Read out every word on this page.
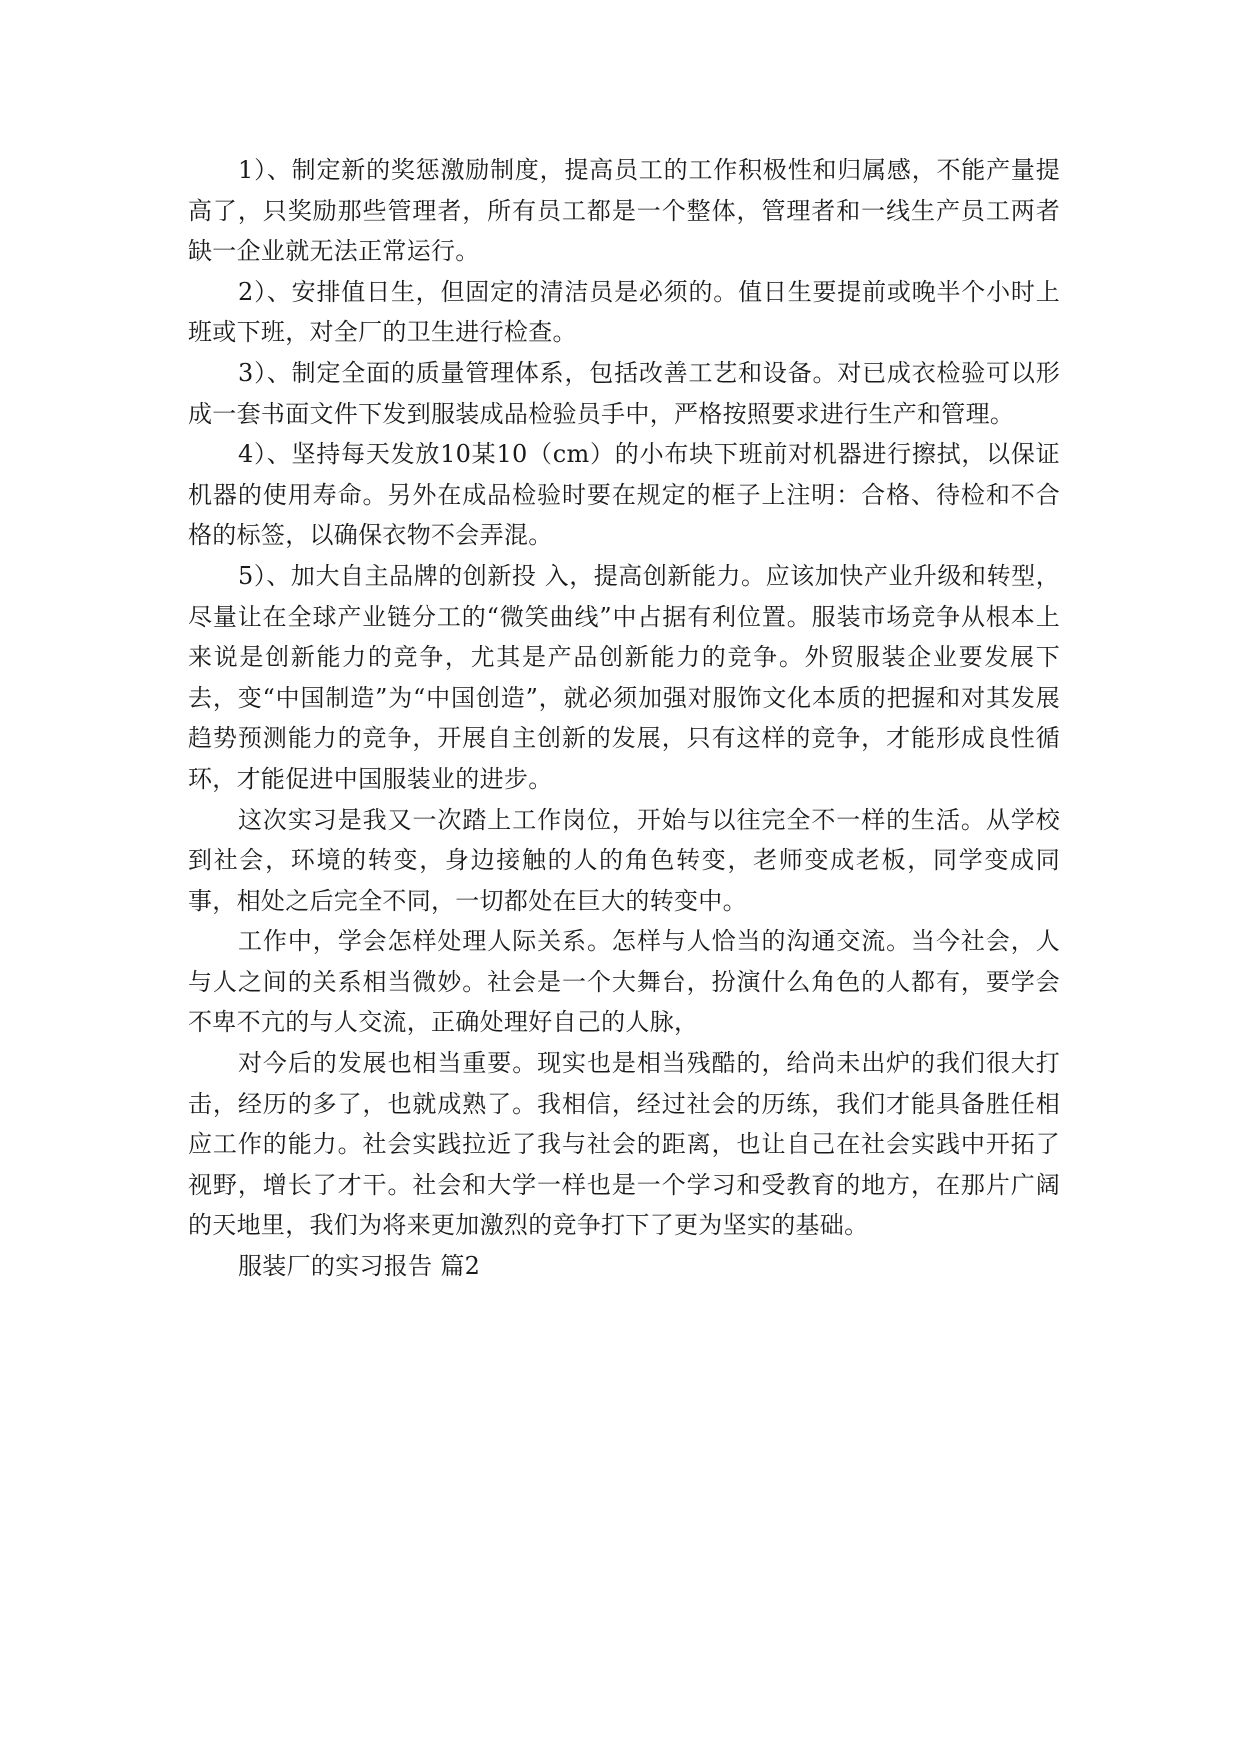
1）、制定新的奖惩激励制度，提高员工的工作积极性和归属感，不能产量提高了，只奖励那些管理者，所有员工都是一个整体，管理者和一线生产员工两者缺一企业就无法正常运行。

2）、安排值日生，但固定的清洁员是必须的。值日生要提前或晚半个小时上班或下班，对全厂的卫生进行检查。

3）、制定全面的质量管理体系，包括改善工艺和设备。对已成衣检验可以形成一套书面文件下发到服装成品检验员手中，严格按照要求进行生产和管理。

4）、坚持每天发放10某10（cm）的小布块下班前对机器进行擦拭，以保证机器的使用寿命。另外在成品检验时要在规定的框子上注明：合格、待检和不合格的标签，以确保衣物不会弄混。

5）、加大自主品牌的创新投 入，提高创新能力。应该加快产业升级和转型，尽量让在全球产业链分工的“微笑曲线”中占据有利位置。服装市场竞争从根本上来说是创新能力的竞争，尤其是产品创新能力的竞争。外贸服装企业要发展下去，变“中国制造”为“中国创造”，就必须加强对服饰文化本质的把握和对其发展趋势预测能力的竞争，开展自主创新的发展，只有这样的竞争，才能形成良性循环，才能促进中国服装业的进步。

这次实习是我又一次踏上工作岗位，开始与以往完全不一样的生活。从学校到社会，环境的转变，身边接触的人的角色转变，老师变成老板，同学变成同事，相处之后完全不同，一切都处在巨大的转变中。

工作中，学会怎样处理人际关系。怎样与人恰当的沟通交流。当今社会，人与人之间的关系相当微妙。社会是一个大舞台，扮演什么角色的人都有，要学会不卑不亢的与人交流，正确处理好自己的人脉，

对今后的发展也相当重要。现实也是相当残酷的，给尚未出炉的我们很大打击，经历的多了，也就成熟了。我相信，经过社会的历练，我们才能具备胜任相应工作的能力。社会实践拉近了我与社会的距离，也让自己在社会实践中开拓了视野，增长了才干。社会和大学一样也是一个学习和受教育的地方，在那片广阔的天地里，我们为将来更加激烈的竞争打下了更为坚实的基础。

服装厂的实习报告 篇2
